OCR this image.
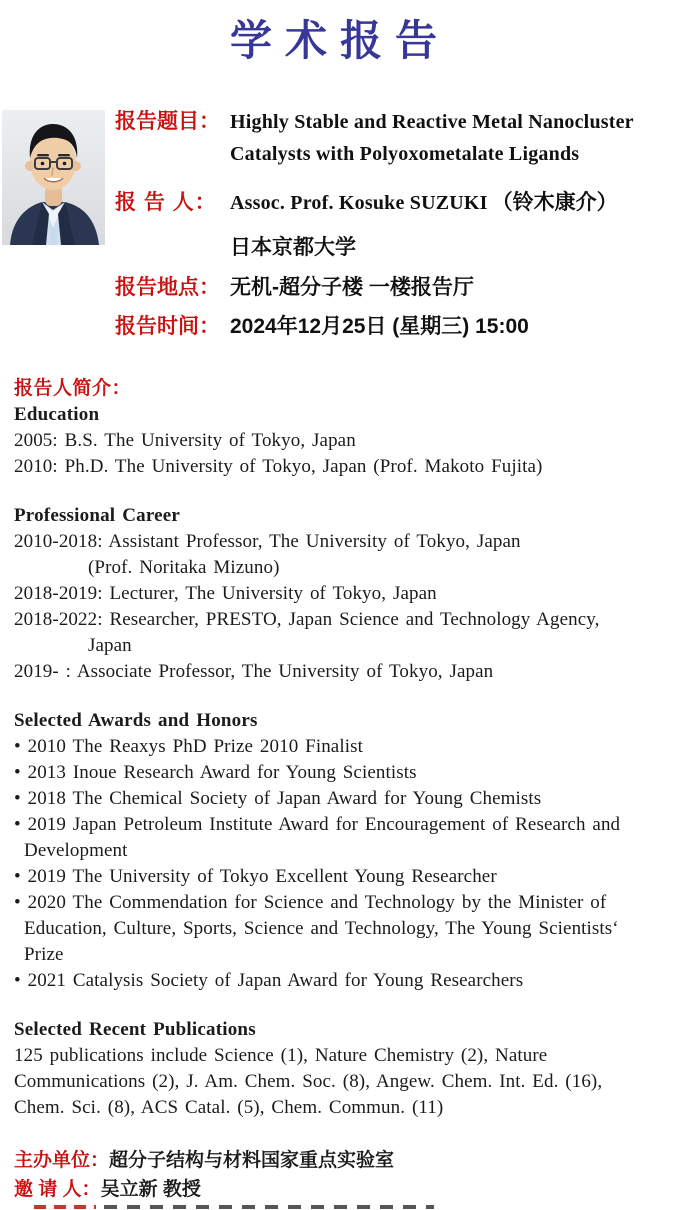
学术报告
报告题目： Highly Stable and Reactive Metal Nanocluster
Catalysts with Polyoxometalate Ligands
报 告 人： Assoc. Prof. Kosuke SUZUKI （铃木康介）
日本京都大学
报告地点： 无机-超分子楼 一楼报告厅
报告时间： 2024年12月25日 (星期三) 15:00
报告人简介：
Education
2005: B.S. The University of Tokyo, Japan
2010: Ph.D. The University of Tokyo, Japan (Prof. Makoto Fujita)
Professional Career
2010-2018: Assistant Professor, The University of Tokyo, Japan
(Prof. Noritaka Mizuno)
2018-2019: Lecturer, The University of Tokyo, Japan
2018-2022: Researcher, PRESTO, Japan Science and Technology Agency,
Japan
2019- : Associate Professor, The University of Tokyo, Japan
Selected Awards and Honors
• 2010 The Reaxys PhD Prize 2010 Finalist
• 2013 Inoue Research Award for Young Scientists
• 2018 The Chemical Society of Japan Award for Young Chemists
• 2019 Japan Petroleum Institute Award for Encouragement of Research and
Development
• 2019 The University of Tokyo Excellent Young Researcher
• 2020 The Commendation for Science and Technology by the Minister of
Education, Culture, Sports, Science and Technology, The Young Scientists‘
Prize
• 2021 Catalysis Society of Japan Award for Young Researchers
Selected Recent Publications
125 publications include Science (1), Nature Chemistry (2), Nature
Communications (2), J. Am. Chem. Soc. (8), Angew. Chem. Int. Ed. (16),
Chem. Sci. (8), ACS Catal. (5), Chem. Commun. (11)
主办单位：超分子结构与材料国家重点实验室
邀 请 人：吴立新 教授
